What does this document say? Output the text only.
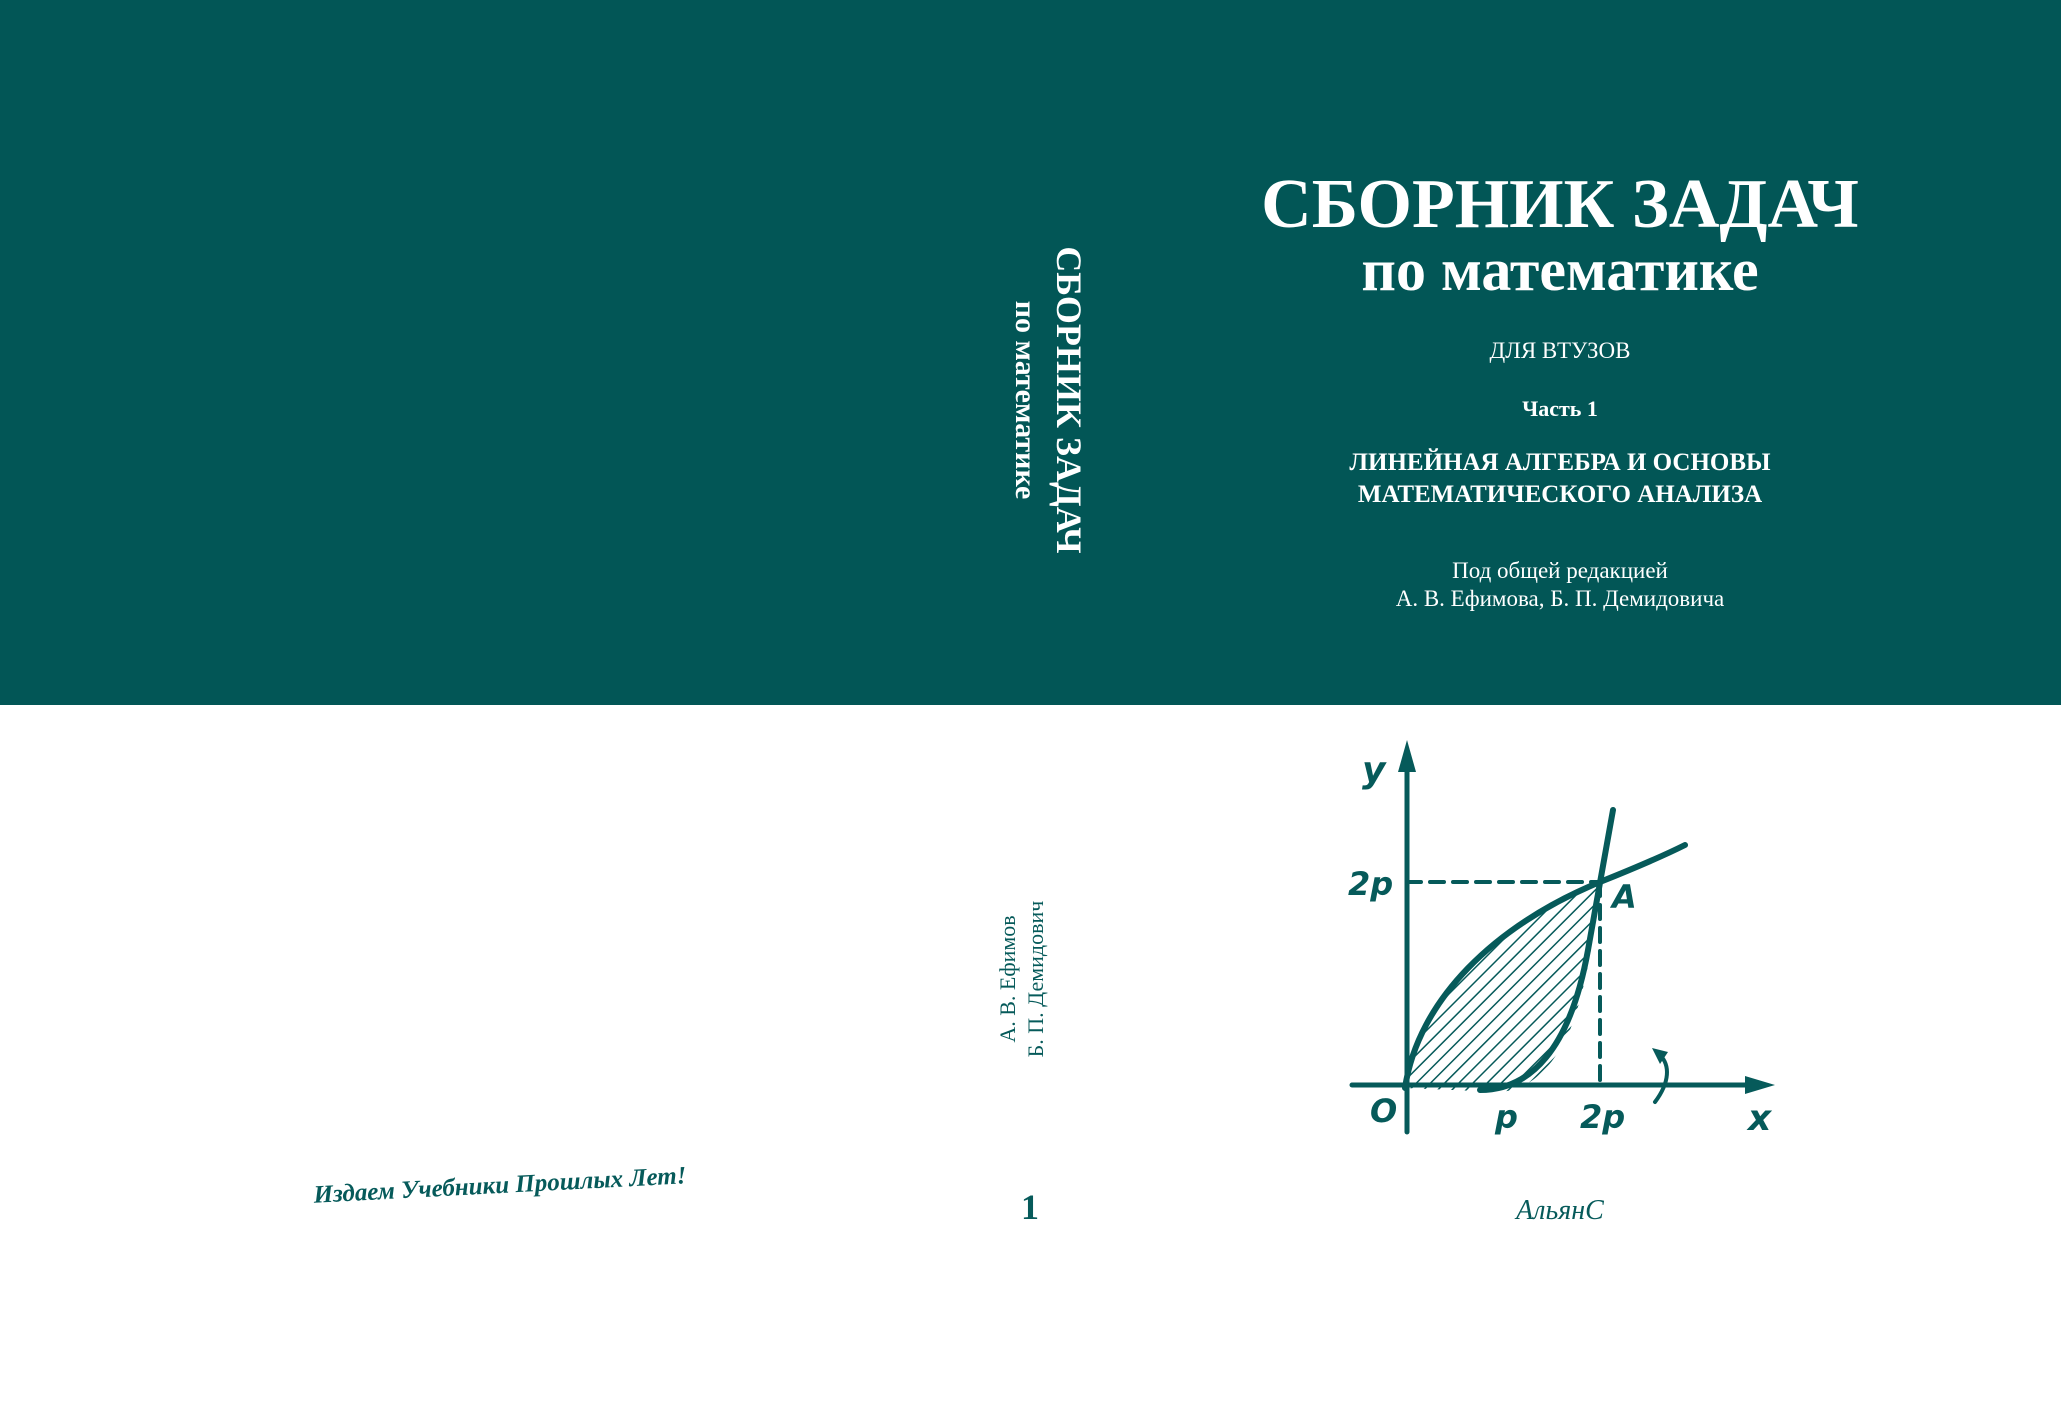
СБОРНИК ЗАДАЧ
по математике
ДЛЯ ВТУЗОВ
Часть 1
ЛИНЕЙНАЯ АЛГЕБРА И ОСНОВЫ
МАТЕМАТИЧЕСКОГО АНАЛИЗА
Под общей редакцией
А. В. Ефимова, Б. П. Демидовича
СБОРНИК ЗАДАЧ
по математике
А. В. Ефимов Б. П. Демидович
1
Издаем Учебники Прошлых Лет!
АльянС
y
x
O	p 2p
2p	A
